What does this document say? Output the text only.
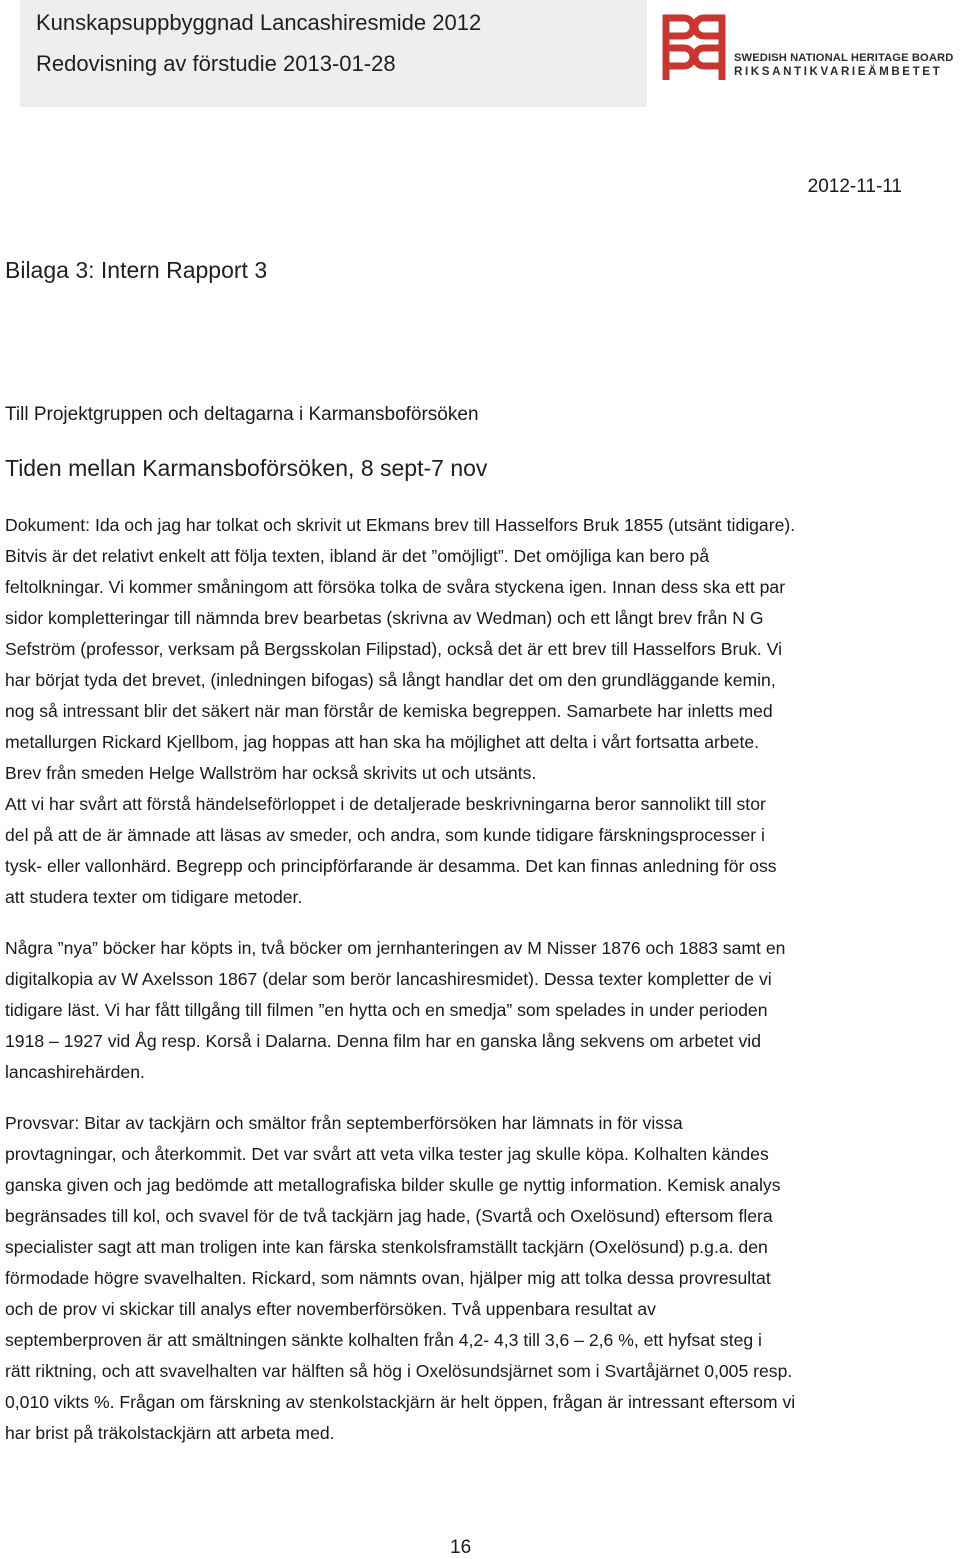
Kunskapsuppbyggnad Lancashiresmide 2012
Redovisning av förstudie 2013-01-28	SWEDISH NATIONAL HERITAGE BOARD
RIKSANTIKVARIEÄMBETET
2012-11-11
Bilaga 3: Intern Rapport 3
Till Projektgruppen och deltagarna i Karmansboförsöken
Tiden mellan Karmansboförsöken, 8 sept-7 nov
Dokument: Ida och jag har tolkat och skrivit ut Ekmans brev till Hasselfors Bruk 1855 (utsänt tidigare).
Bitvis är det relativt enkelt att följa texten, ibland är det ”omöjligt”. Det omöjliga kan bero på
feltolkningar. Vi kommer småningom att försöka tolka de svåra styckena igen. Innan dess ska ett par
sidor kompletteringar till nämnda brev bearbetas (skrivna av Wedman) och ett långt brev från N G
Sefström (professor, verksam på Bergsskolan Filipstad), också det är ett brev till Hasselfors Bruk. Vi
har börjat tyda det brevet, (inledningen bifogas) så långt handlar det om den grundläggande kemin,
nog så intressant blir det säkert när man förstår de kemiska begreppen. Samarbete har inletts med
metallurgen Rickard Kjellbom, jag hoppas att han ska ha möjlighet att delta i vårt fortsatta arbete.
Brev från smeden Helge Wallström har också skrivits ut och utsänts.
Att vi har svårt att förstå händelseförloppet i de detaljerade beskrivningarna beror sannolikt till stor
del på att de är ämnade att läsas av smeder, och andra, som kunde tidigare färskningsprocesser i
tysk- eller vallonhärd. Begrepp och principförfarande är desamma. Det kan finnas anledning för oss
att studera texter om tidigare metoder.
Några ”nya” böcker har köpts in, två böcker om jernhanteringen av M Nisser 1876 och 1883 samt en
digitalkopia av W Axelsson 1867 (delar som berör lancashiresmidet). Dessa texter kompletter de vi
tidigare läst. Vi har fått tillgång till filmen ”en hytta och en smedja” som spelades in under perioden
1918 – 1927 vid Åg resp. Korså i Dalarna. Denna film har en ganska lång sekvens om arbetet vid
lancashirehärden.
Provsvar: Bitar av tackjärn och smältor från septemberförsöken har lämnats in för vissa
provtagningar, och återkommit. Det var svårt att veta vilka tester jag skulle köpa. Kolhalten kändes
ganska given och jag bedömde att metallografiska bilder skulle ge nyttig information. Kemisk analys
begränsades till kol, och svavel för de två tackjärn jag hade, (Svartå och Oxelösund) eftersom flera
specialister sagt att man troligen inte kan färska stenkolsframställt tackjärn (Oxelösund) p.g.a. den
förmodade högre svavelhalten. Rickard, som nämnts ovan, hjälper mig att tolka dessa provresultat
och de prov vi skickar till analys efter novemberförsöken. Två uppenbara resultat av
septemberproven är att smältningen sänkte kolhalten från 4,2- 4,3 till 3,6 – 2,6 %, ett hyfsat steg i
rätt riktning, och att svavelhalten var hälften så hög i Oxelösundsjärnet som i Svartåjärnet 0,005 resp.
0,010 vikts %. Frågan om färskning av stenkolstackjärn är helt öppen, frågan är intressant eftersom vi
har brist på träkolstackjärn att arbeta med.
16
